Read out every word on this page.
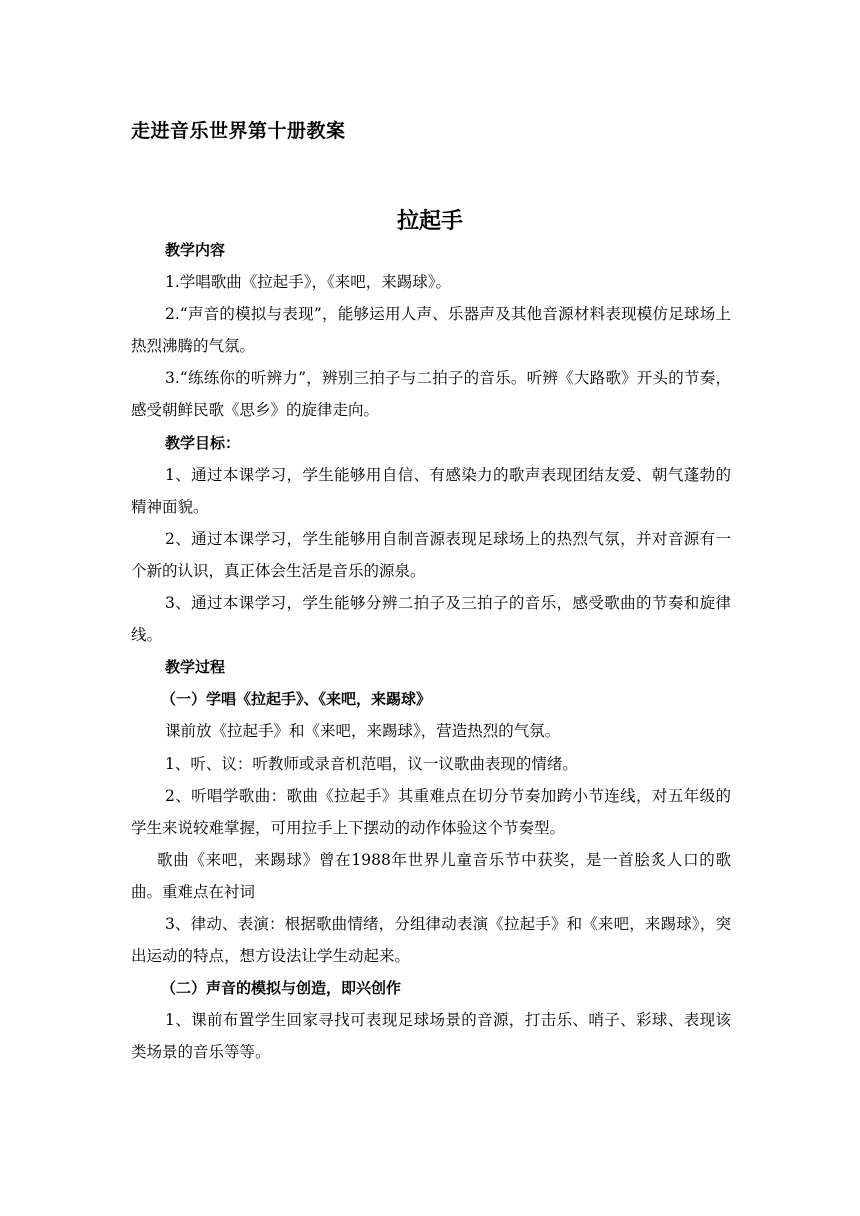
走进音乐世界第十册教案
拉起手

教学内容

1.学唱歌曲《拉起手》，《来吧，来踢球》。

2.“声音的模拟与表现”，能够运用人声、乐器声及其他音源材料表现模仿足球场上热烈沸腾的气氛。

3.“练练你的听辨力”，辨别三拍子与二拍子的音乐。听辨《大路歌》开头的节奏，感受朝鲜民歌《思乡》的旋律走向。

教学目标：

1、通过本课学习，学生能够用自信、有感染力的歌声表现团结友爱、朝气蓬勃的精神面貌。

2、通过本课学习，学生能够用自制音源表现足球场上的热烈气氛，并对音源有一个新的认识，真正体会生活是音乐的源泉。

3、通过本课学习，学生能够分辨二拍子及三拍子的音乐，感受歌曲的节奏和旋律线。

教学过程

（一）学唱《拉起手》、《来吧，来踢球》

课前放《拉起手》和《来吧，来踢球》，营造热烈的气氛。

1、听、议：听教师或录音机范唱，议一议歌曲表现的情绪。

2、听唱学歌曲：歌曲《拉起手》其重难点在切分节奏加跨小节连线，对五年级的学生来说较难掌握，可用拉手上下摆动的动作体验这个节奏型。

歌曲《来吧，来踢球》曾在1988年世界儿童音乐节中获奖，是一首脍炙人口的歌曲。重难点在衬词

3、律动、表演：根据歌曲情绪，分组律动表演《拉起手》和《来吧，来踢球》，突出运动的特点，想方设法让学生动起来。

（二）声音的模拟与创造，即兴创作

1、课前布置学生回家寻找可表现足球场景的音源，打击乐、哨子、彩球、表现该类场景的音乐等等。
